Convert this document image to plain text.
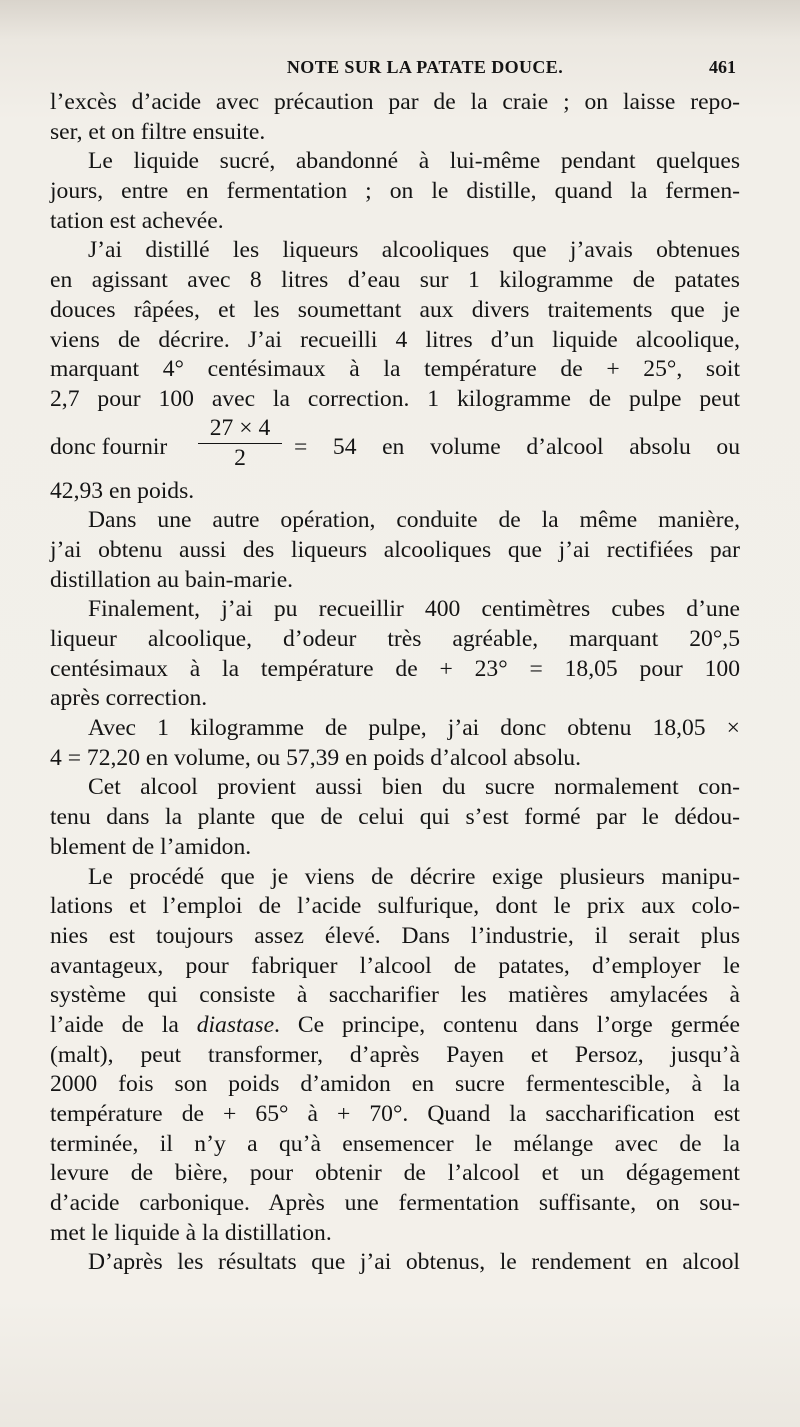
NOTE SUR LA PATATE DOUCE.	461
l’excès d’acide avec précaution par de la craie ; on laisse repo-
ser, et on filtre ensuite.
Le liquide sucré, abandonné à lui-même pendant quelques
jours, entre en fermentation ; on le distille, quand la fermen-
tation est achevée.
J’ai distillé les liqueurs alcooliques que j’avais obtenues
en agissant avec 8 litres d’eau sur 1 kilogramme de patates
douces râpées, et les soumettant aux divers traitements que je
viens de décrire. J’ai recueilli 4 litres d’un liquide alcoolique,
marquant 4° centésimaux à la température de + 25°, soit
2,7 pour 100 avec la correction. 1 kilogramme de pulpe peut
donc fournir
27 × 4
2	= 54 en volume d’alcool absolu ou
42,93 en poids.
Dans une autre opération, conduite de la même manière,
j’ai obtenu aussi des liqueurs alcooliques que j’ai rectifiées par
distillation au bain-marie.
Finalement, j’ai pu recueillir 400 centimètres cubes d’une
liqueur alcoolique, d’odeur très agréable, marquant 20°,5
centésimaux à la température de + 23° = 18,05 pour 100
après correction.
Avec 1 kilogramme de pulpe, j’ai donc obtenu 18,05 ×
4 = 72,20 en volume, ou 57,39 en poids d’alcool absolu.
Cet alcool provient aussi bien du sucre normalement con-
tenu dans la plante que de celui qui s’est formé par le dédou-
blement de l’amidon.
Le procédé que je viens de décrire exige plusieurs manipu-
lations et l’emploi de l’acide sulfurique, dont le prix aux colo-
nies est toujours assez élevé. Dans l’industrie, il serait plus
avantageux, pour fabriquer l’alcool de patates, d’employer le
système qui consiste à saccharifier les matières amylacées à
l’aide de la diastase. Ce principe, contenu dans l’orge germée
(malt), peut transformer, d’après Payen et Persoz, jusqu’à
2000 fois son poids d’amidon en sucre fermentescible, à la
température de + 65° à + 70°. Quand la saccharification est
terminée, il n’y a qu’à ensemencer le mélange avec de la
levure de bière, pour obtenir de l’alcool et un dégagement
d’acide carbonique. Après une fermentation suffisante, on sou-
met le liquide à la distillation.
D’après les résultats que j’ai obtenus, le rendement en alcool
